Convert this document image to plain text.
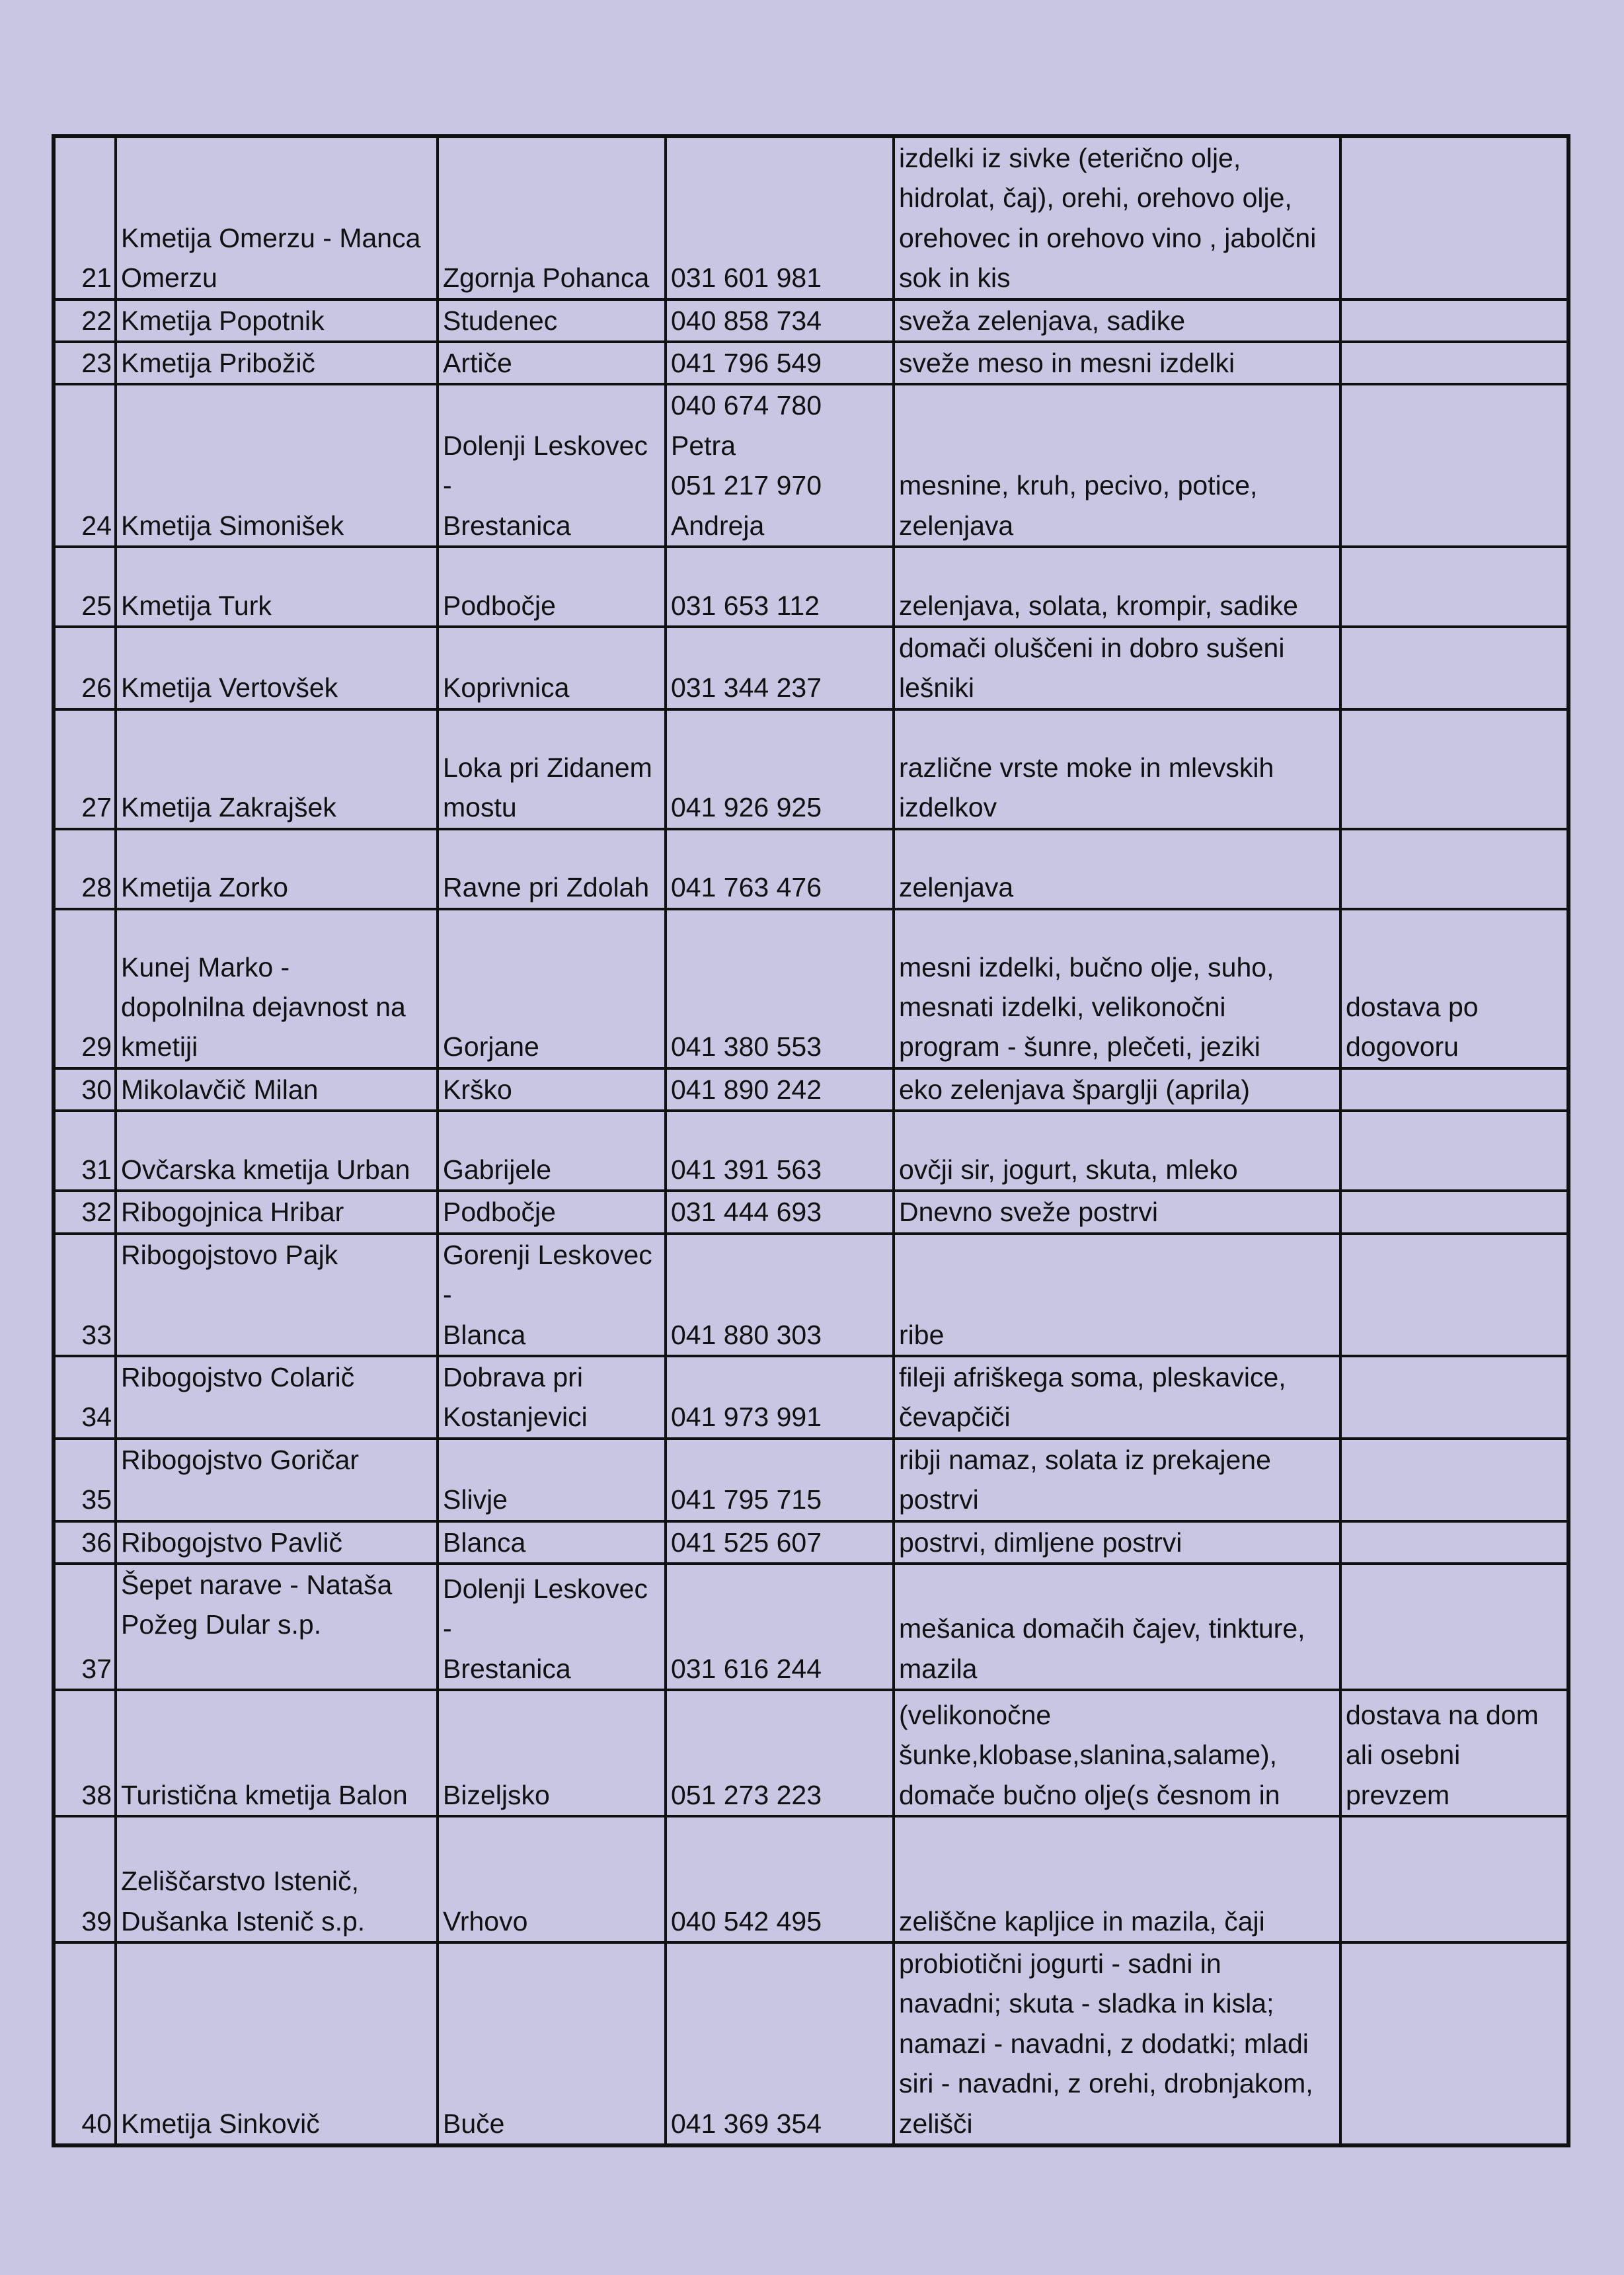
21	Kmetija Omerzu - Manca
Omerzu	Zgornja Pohanca	031 601 981	izdelki iz sivke (eterično olje,
hidrolat, čaj), orehi, orehovo olje,
orehovec in orehovo vino , jabolčni
sok in kis	
22	Kmetija Popotnik	Studenec	040 858 734	sveža zelenjava, sadike	
23	Kmetija Pribožič	Artiče	041 796 549	sveže meso in mesni izdelki	
24	Kmetija Simonišek	Dolenji Leskovec -
Brestanica	040 674 780
Petra
051 217 970
Andreja	mesnine, kruh, pecivo, potice,
zelenjava	
25	Kmetija Turk	Podbočje	031 653 112	zelenjava, solata, krompir, sadike	
26	Kmetija Vertovšek	Koprivnica	031 344 237	domači oluščeni in dobro sušeni
lešniki	
27	Kmetija Zakrajšek	Loka pri Zidanem
mostu	041 926 925	različne vrste moke in mlevskih
izdelkov	
28	Kmetija Zorko	Ravne pri Zdolah	041 763 476	zelenjava	
29	Kunej Marko -
dopolnilna dejavnost na
kmetiji	Gorjane	041 380 553	mesni izdelki, bučno olje, suho,
mesnati izdelki, velikonočni
program - šunre, plečeti, jeziki	dostava po
dogovoru
30	Mikolavčič Milan	Krško	041 890 242	eko zelenjava šparglji (aprila)	
31	Ovčarska kmetija Urban	Gabrijele	041 391 563	ovčji sir, jogurt, skuta, mleko	
32	Ribogojnica Hribar	Podbočje	031 444 693	Dnevno sveže postrvi	
33	Ribogojstovo Pajk	Gorenji Leskovec -
Blanca	041 880 303	ribe	
34	Ribogojstvo Colarič	Dobrava pri
Kostanjevici	041 973 991	fileji afriškega soma, pleskavice,
čevapčiči	
35	Ribogojstvo Goričar	Slivje	041 795 715	ribji namaz, solata iz prekajene
postrvi	
36	Ribogojstvo Pavlič	Blanca	041 525 607	postrvi, dimljene postrvi	
37	Šepet narave - Nataša
Požeg Dular s.p.	Dolenji Leskovec -
Brestanica	031 616 244	mešanica domačih čajev, tinkture,
mazila	
38	Turistična kmetija Balon	Bizeljsko	051 273 223	(velikonočne
šunke,klobase,slanina,salame),
domače bučno olje(s česnom in	dostava na dom
ali osebni
prevzem
39	Zeliščarstvo Istenič,
Dušanka Istenič s.p.	Vrhovo	040 542 495	zeliščne kapljice in mazila, čaji	
40	Kmetija Sinkovič	Buče	041 369 354	probiotični jogurti - sadni in
navadni; skuta - sladka in kisla;
namazi - navadni, z dodatki; mladi
siri - navadni, z orehi, drobnjakom,
zelišči	
